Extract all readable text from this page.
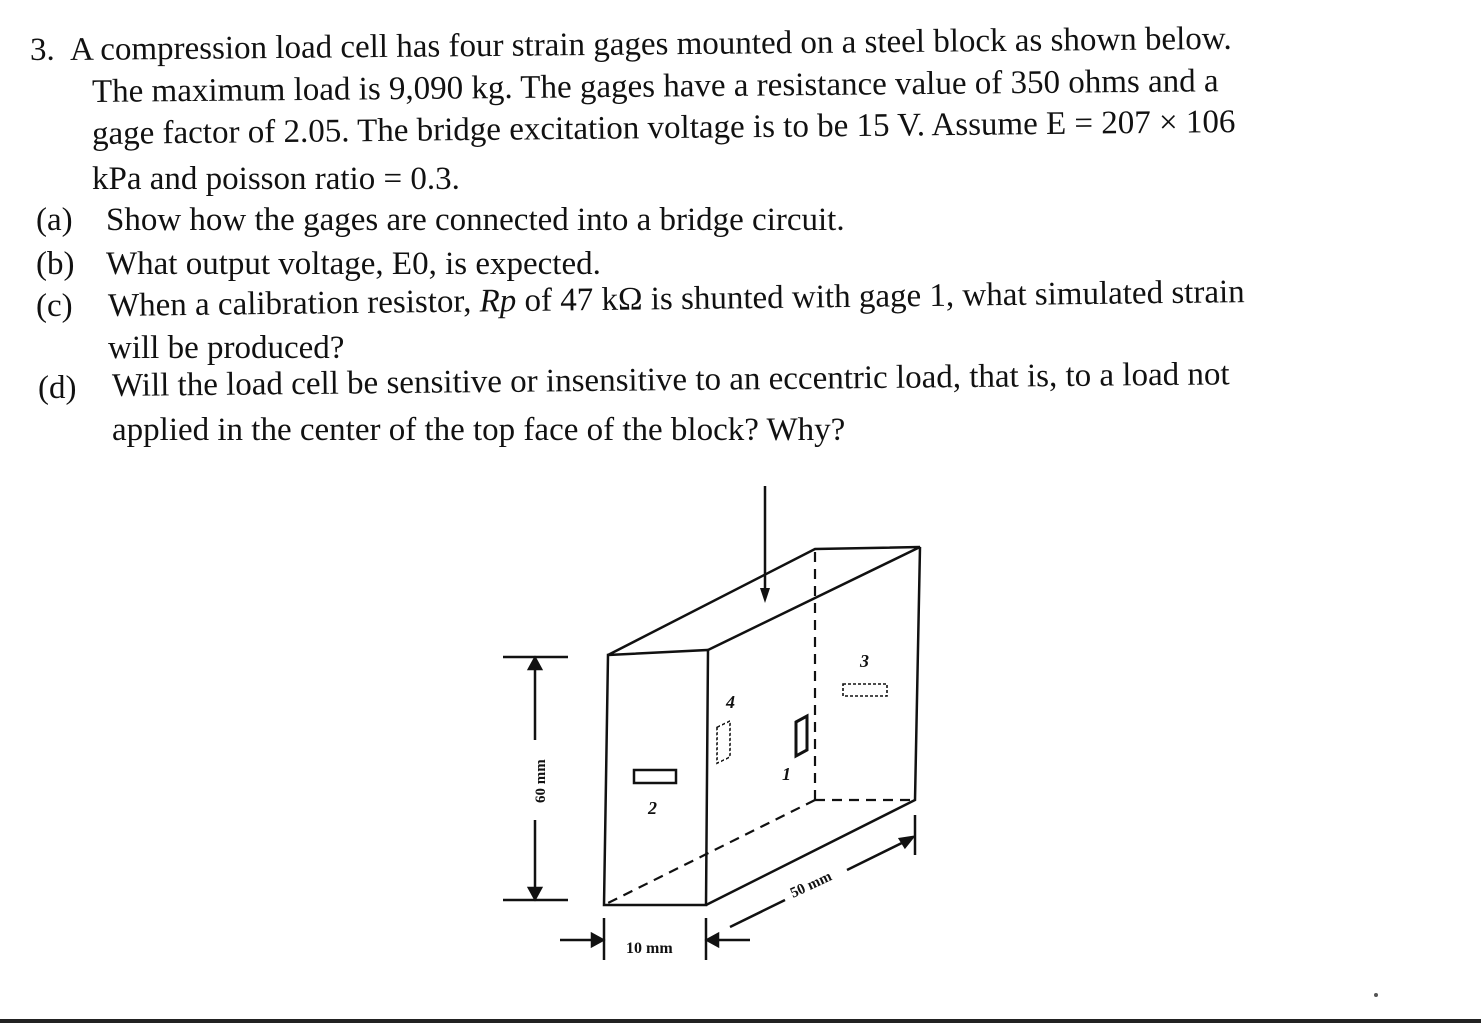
3. A compression load cell has four strain gages mounted on a steel block as shown below.
The maximum load is 9,090 kg. The gages have a resistance value of 350 ohms and a
gage factor of 2.05. The bridge excitation voltage is to be 15 V. Assume E = 207 × 106
kPa and poisson ratio = 0.3.
(a) Show how the gages are connected into a bridge circuit.
(b) What output voltage, E0, is expected.
(c) When a calibration resistor, Rp of 47 kΩ is shunted with gage 1, what simulated strain
will be produced?
(d) Will the load cell be sensitive or insensitive to an eccentric load, that is, to a load not
applied in the center of the top face of the block? Why?
2
4
1
3
60 mm
10 mm
50 mm
